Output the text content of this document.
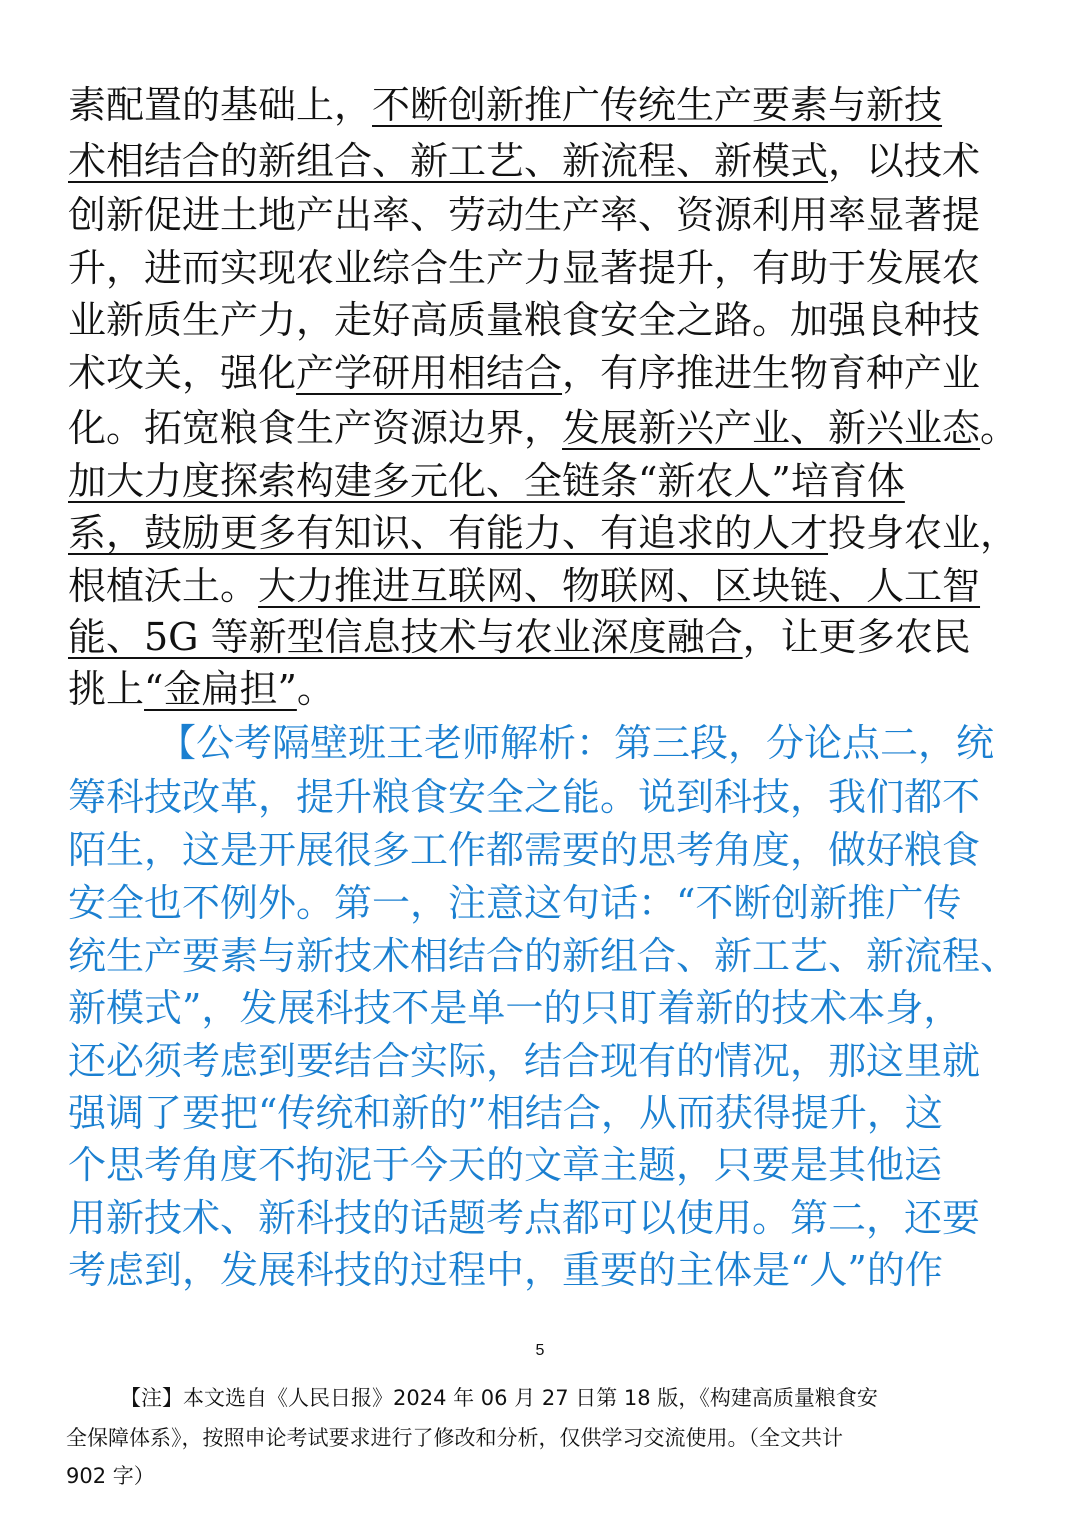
素配置的基础上，不断创新推广传统生产要素与新技
术相结合的新组合、新工艺、新流程、新模式，以技术
创新促进土地产出率、劳动生产率、资源利用率显著提
升，进而实现农业综合生产力显著提升，有助于发展农
业新质生产力，走好高质量粮食安全之路。加强良种技
术攻关，强化产学研用相结合，有序推进生物育种产业
化。拓宽粮食生产资源边界，发展新兴产业、新兴业态。
加大力度探索构建多元化、全链条“新农人”培育体
系，鼓励更多有知识、有能力、有追求的人才投身农业，
根植沃土。大力推进互联网、物联网、区块链、人工智
能、5G 等新型信息技术与农业深度融合，让更多农民
挑上“金扁担”。
【公考隔壁班王老师解析：第三段，分论点二，统
筹科技改革，提升粮食安全之能。说到科技，我们都不
陌生，这是开展很多工作都需要的思考角度，做好粮食
安全也不例外。第一，注意这句话：“不断创新推广传
统生产要素与新技术相结合的新组合、新工艺、新流程、
新模式”，发展科技不是单一的只盯着新的技术本身，
还必须考虑到要结合实际，结合现有的情况，那这里就
强调了要把“传统和新的”相结合，从而获得提升，这
个思考角度不拘泥于今天的文章主题，只要是其他运
用新技术、新科技的话题考点都可以使用。第二，还要
考虑到，发展科技的过程中，重要的主体是“人”的作
5
【注】本文选自《人民日报》2024 年 06 月 27 日第 18 版，《构建高质量粮食安
全保障体系》，按照申论考试要求进行了修改和分析，仅供学习交流使用。（全文共计
902 字）
